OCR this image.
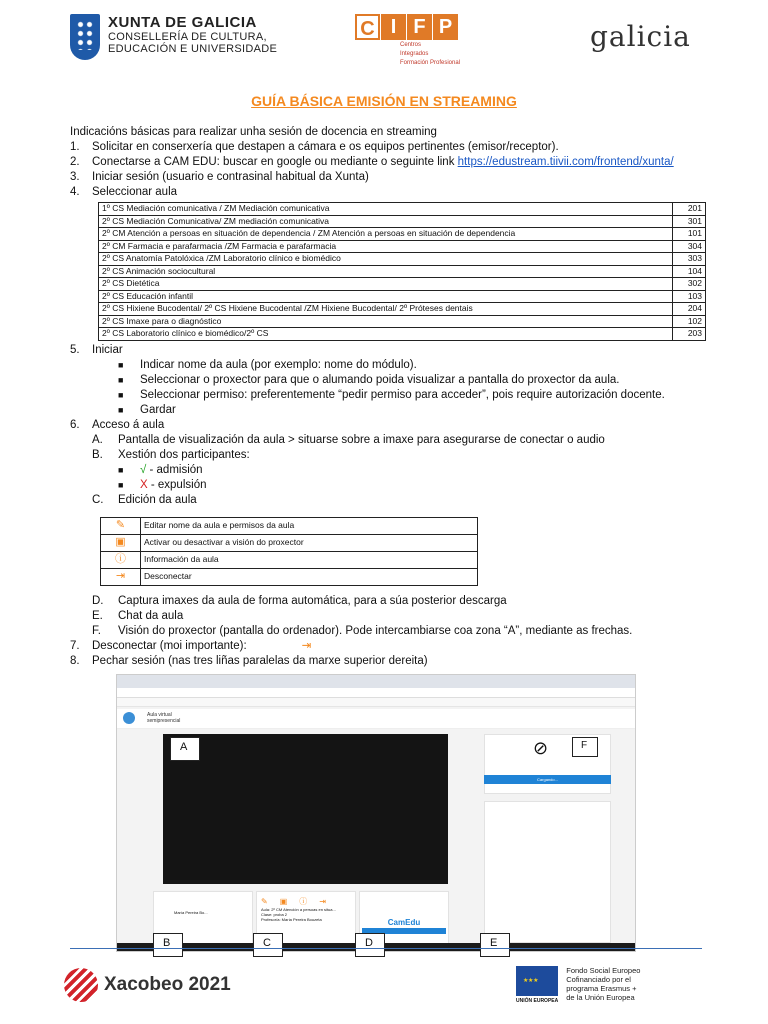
XUNTA DE GALICIA
CONSELLERÍA DE CULTURA,
EDUCACIÓN E UNIVERSIDADE
C I F P
Centros
Integrados
Formación Profesional
galicia
GUÍA BÁSICA EMISIÓN EN STREAMING
Indicacións básicas para realizar unha sesión de docencia en streaming
1.	Solicitar en conserxería que destapen a cámara e os equipos pertinentes (emisor/receptor).
2.	Conectarse a CAM EDU: buscar en google ou mediante o seguinte link https://edustream.tiivii.com/frontend/xunta/
3.	Iniciar sesión (usuario e contrasinal habitual da Xunta)
4.	Seleccionar aula
1º CS Mediación comunicativa / ZM Mediación comunicativa	201
2º CS Mediación Comunicativa/ ZM mediación comunicativa	301
2º CM Atención a persoas en situación de dependencia / ZM Atención a persoas en situación de dependencia	101
2º CM Farmacia e parafarmacia /ZM Farmacia e parafarmacia	304
2º CS Anatomía Patolóxica /ZM Laboratorio clínico e biomédico	303
2º CS Animación sociocultural	104
2º CS Dietética	302
2º CS Educación infantil	103
2º CS Hixiene Bucodental/ 2º CS Hixiene Bucodental /ZM Hixiene Bucodental/ 2º Próteses dentais	204
2º CS Imaxe para o diagnóstico	102
2º CS Laboratorio clínico e biomédico/2º CS	203
5.	Iniciar
■	Indicar nome da aula (por exemplo: nome do módulo).
■	Seleccionar o proxector para que o alumando poida visualizar a pantalla do proxector da aula.
■	Seleccionar permiso: preferentemente “pedir permiso para acceder”, pois require autorización docente.
■	Gardar
6.	Acceso á aula
A.	Pantalla de visualización da aula > situarse sobre a imaxe para asegurarse de conectar o audio
B.	Xestión dos participantes:
■	√ - admisión
■	X - expulsión
C.	Edición da aula
✎	Editar nome da aula e permisos da aula
▣	Activar ou desactivar a visión do proxector
ⓘ	Información da aula
⇥	Desconectar
D.	Captura imaxes da aula de forma automática, para a súa posterior descarga
E.	Chat da aula
F.	Visión do proxector (pantalla do ordenador). Pode intercambiarse coa zona “A”, mediante as frechas.
7.	Desconectar (moi importante):	⇥
8.	Pechar sesión (nas tres liñas paralelas da marxe superior dereita)
Aula virtual
semipresencial
Cargando...
María Pereira Bo...
✎▣ⓘ⇥
Aula: 2º CM Atención a persoas en situa...
Clase: proba 2
Profesor/a: María Pereira Bouzeta	CamEdu
A	F
⊘
B	C	D	E
Xacobeo 2021
★ ★ ★
UNIÓN EUROPEA
Fondo Social Europeo
Cofinanciado por el
programa Erasmus +
de la Unión Europea
